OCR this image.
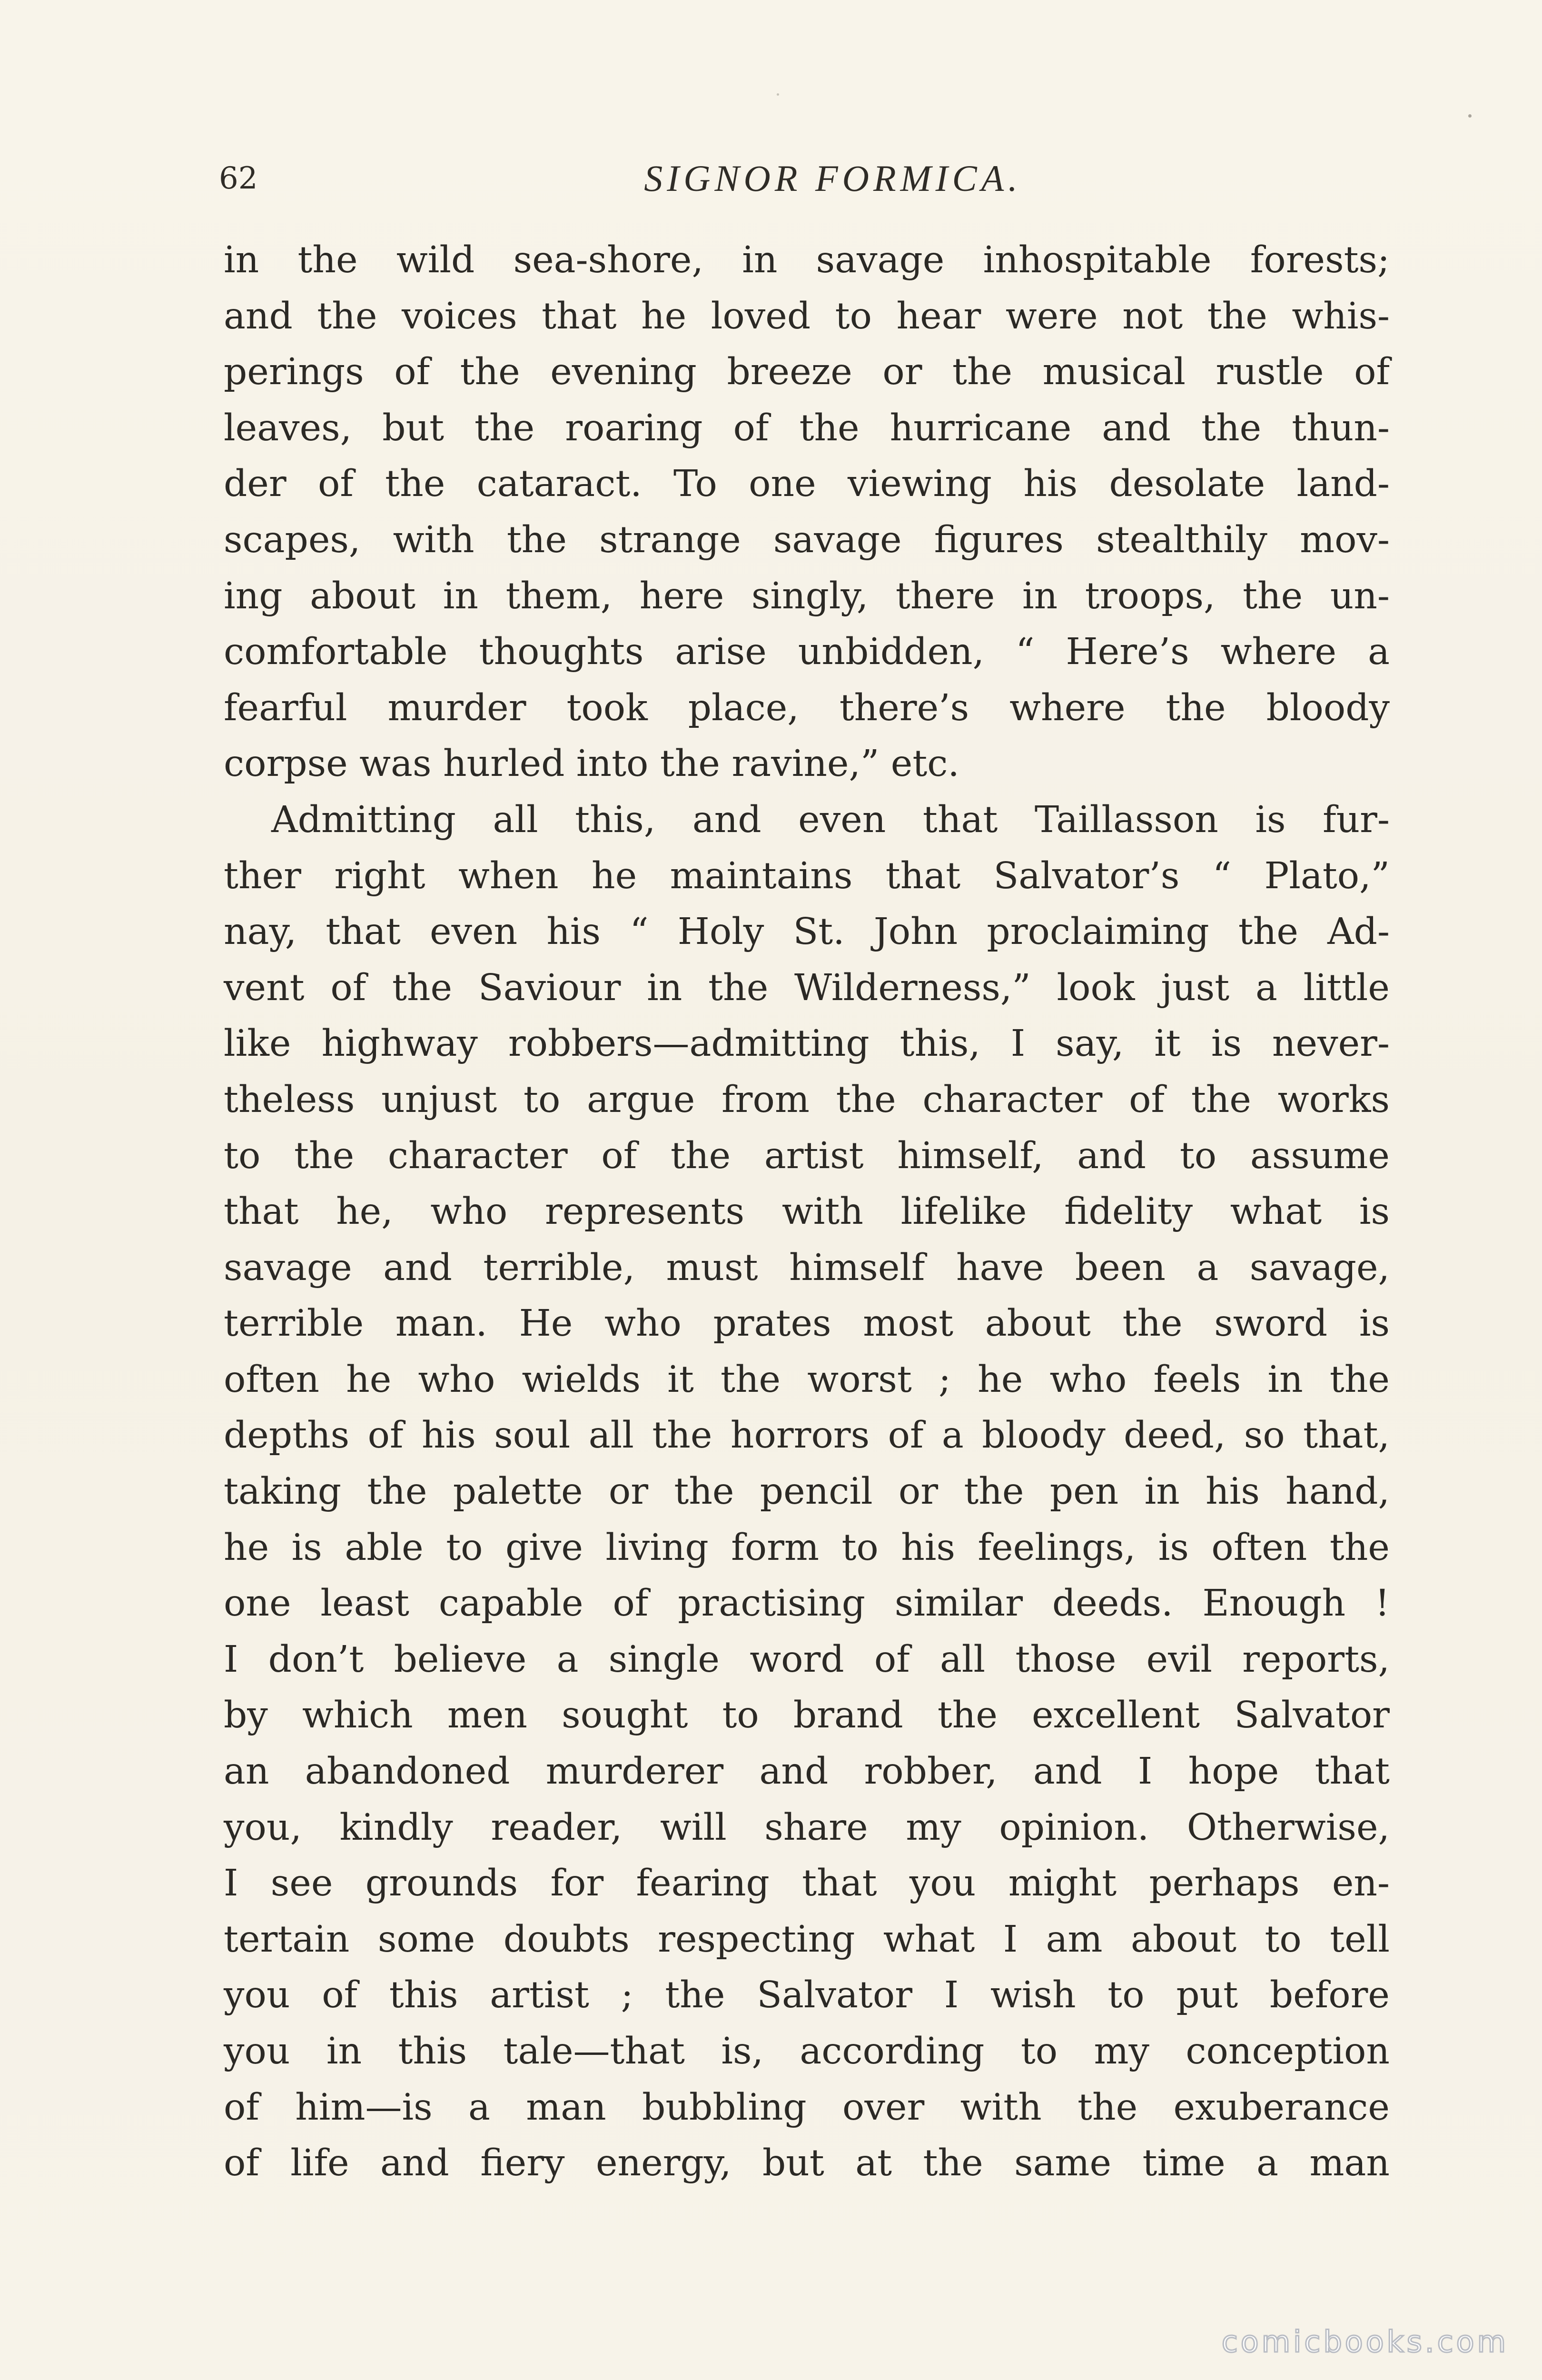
62	SIGNOR FORMICA.
in the wild sea-shore, in savage inhospitable forests;
and the voices that he loved to hear were not the whis-
perings of the evening breeze or the musical rustle of
leaves, but the roaring of the hurricane and the thun-
der of the cataract. To one viewing his desolate land-
scapes, with the strange savage figures stealthily mov-
ing about in them, here singly, there in troops, the un-
comfortable thoughts arise unbidden, “ Here’s where a
fearful murder took place, there’s where the bloody
corpse was hurled into the ravine,” etc.
Admitting all this, and even that Taillasson is fur-
ther right when he maintains that Salvator’s “ Plato,”
nay, that even his “ Holy St. John proclaiming the Ad-
vent of the Saviour in the Wilderness,” look just a little
like highway robbers—admitting this, I say, it is never-
theless unjust to argue from the character of the works
to the character of the artist himself, and to assume
that he, who represents with lifelike fidelity what is
savage and terrible, must himself have been a savage,
terrible man. He who prates most about the sword is
often he who wields it the worst ; he who feels in the
depths of his soul all the horrors of a bloody deed, so that,
taking the palette or the pencil or the pen in his hand,
he is able to give living form to his feelings, is often the
one least capable of practising similar deeds. Enough !
I don’t believe a single word of all those evil reports,
by which men sought to brand the excellent Salvator
an abandoned murderer and robber, and I hope that
you, kindly reader, will share my opinion. Otherwise,
I see grounds for fearing that you might perhaps en-
tertain some doubts respecting what I am about to tell
you of this artist ; the Salvator I wish to put before
you in this tale—that is, according to my conception
of him—is a man bubbling over with the exuberance
of life and fiery energy, but at the same time a man
comicbooks.com
